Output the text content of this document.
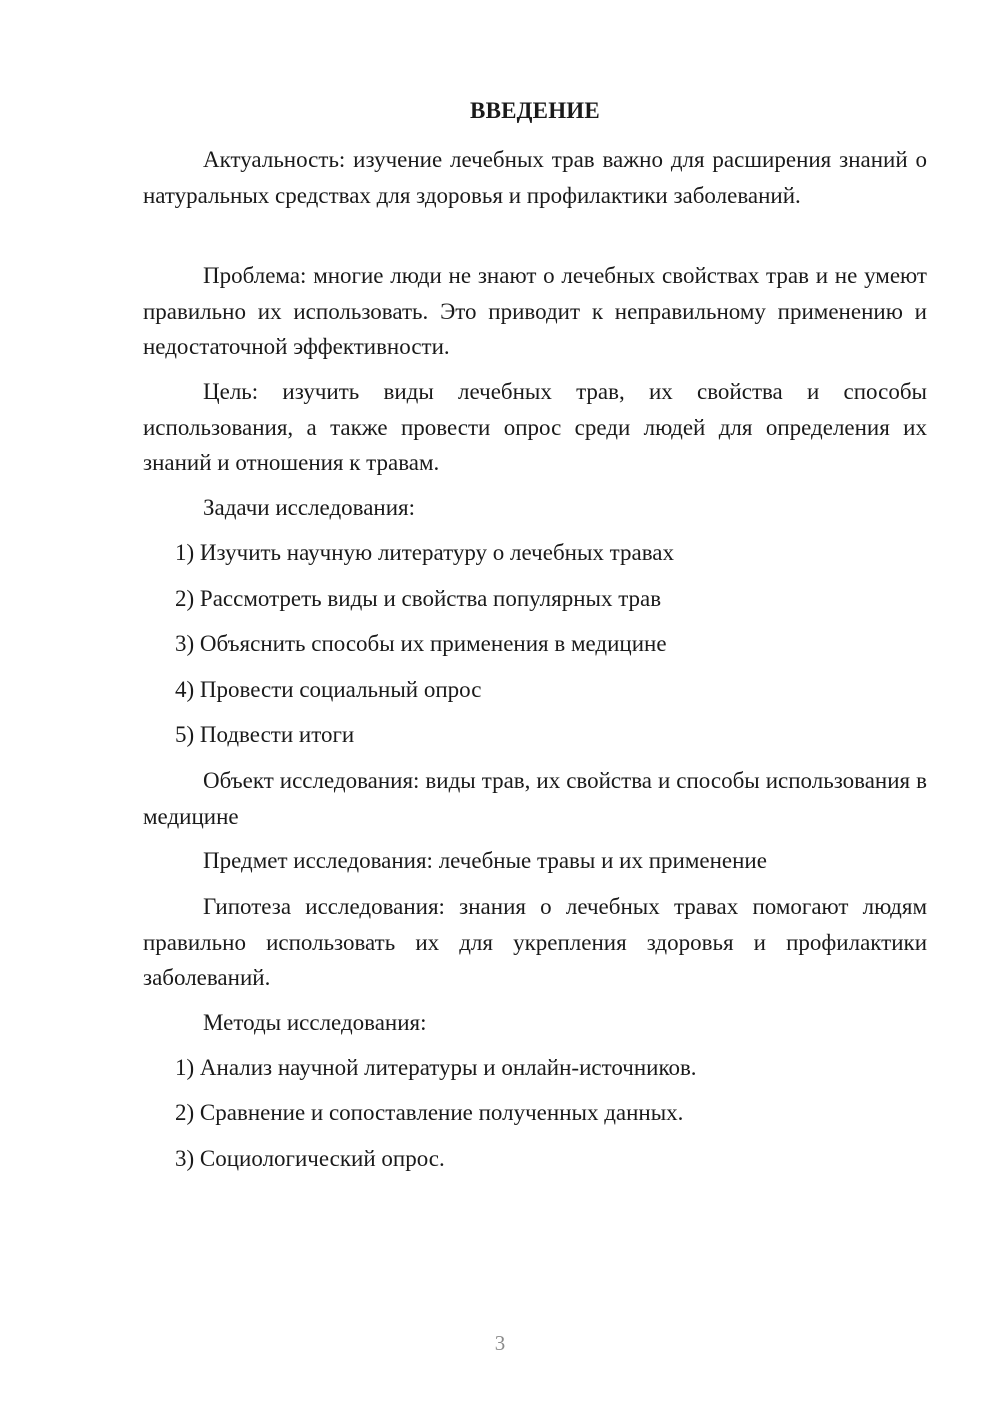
ВВЕДЕНИЕ

Актуальность: изучение лечебных трав важно для расширения знаний о натуральных средствах для здоровья и профилактики заболеваний.

Проблема: многие люди не знают о лечебных свойствах трав и не умеют правильно их использовать. Это приводит к неправильному применению и недостаточной эффективности.

Цель: изучить виды лечебных трав, их свойства и способы использования, а также провести опрос среди людей для определения их знаний и отношения к травам.

Задачи исследования:

1) Изучить научную литературу о лечебных травах

2) Рассмотреть виды и свойства популярных трав

3) Объяснить способы их применения в медицине

4) Провести социальный опрос

5) Подвести итоги

Объект исследования: виды трав, их свойства и способы использования в медицине

Предмет исследования: лечебные травы и их применение

Гипотеза исследования: знания о лечебных травах помогают людям правильно использовать их для укрепления здоровья и профилактики заболеваний.

Методы исследования:

1) Анализ научной литературы и онлайн-источников.

2) Сравнение и сопоставление полученных данных.

3) Социологический опрос.

3
